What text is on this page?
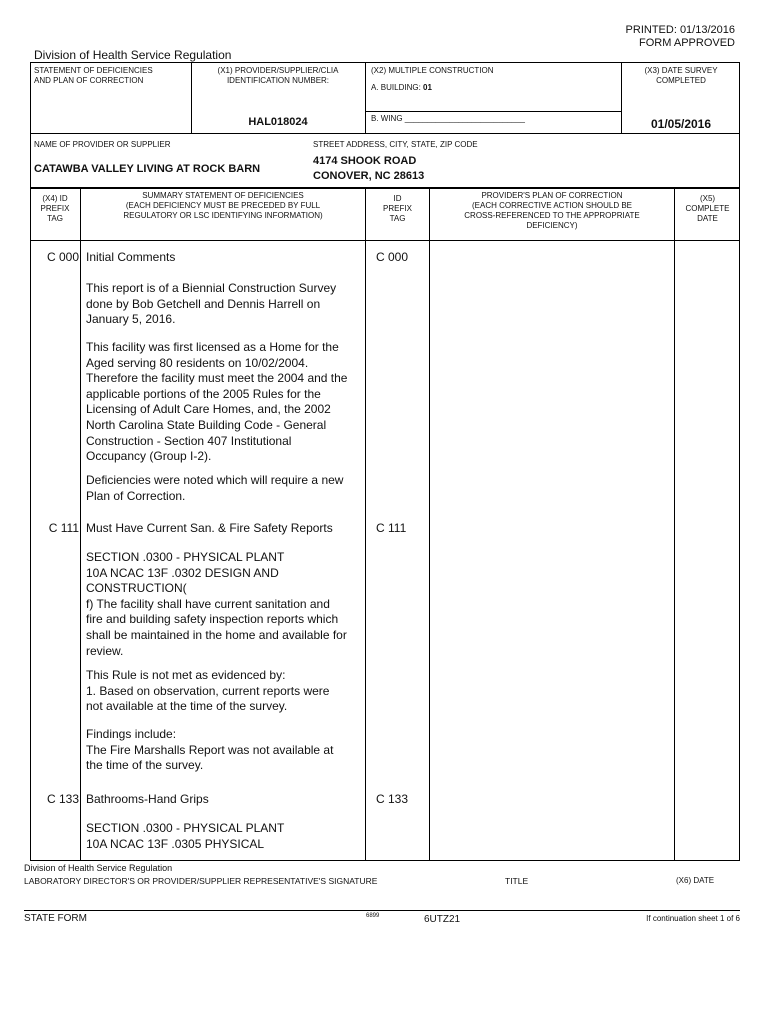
PRINTED: 01/13/2016
FORM APPROVED
Division of Health Service Regulation
STATEMENT OF DEFICIENCIES
AND PLAN OF CORRECTION
(X1) PROVIDER/SUPPLIER/CLIA
IDENTIFICATION NUMBER:
HAL018024
(X2) MULTIPLE CONSTRUCTION
A. BUILDING: 01
B. WING ___________________________
(X3) DATE SURVEY
COMPLETED
01/05/2016
NAME OF PROVIDER OR SUPPLIER
CATAWBA VALLEY LIVING AT ROCK BARN
STREET ADDRESS, CITY, STATE, ZIP CODE
4174 SHOOK ROAD
CONOVER, NC 28613
(X4) ID
PREFIX
TAG
SUMMARY STATEMENT OF DEFICIENCIES
(EACH DEFICIENCY MUST BE PRECEDED BY FULL
REGULATORY OR LSC IDENTIFYING INFORMATION)
ID
PREFIX
TAG
PROVIDER'S PLAN OF CORRECTION
(EACH CORRECTIVE ACTION SHOULD BE
CROSS-REFERENCED TO THE APPROPRIATE
DEFICIENCY)
(X5)
COMPLETE
DATE
C 000	C 000
Initial Comments
This report is of a Biennial Construction Survey
done by Bob Getchell and Dennis Harrell on
January 5, 2016.
This facility was first licensed as a Home for the
Aged serving 80 residents on 10/02/2004.
Therefore the facility must meet the 2004 and the
applicable portions of the 2005 Rules for the
Licensing of Adult Care Homes, and, the 2002
North Carolina State Building Code - General
Construction - Section 407 Institutional
Occupancy (Group I-2).
Deficiencies were noted which will require a new
Plan of Correction.
C 111	C 111
Must Have Current San. & Fire Safety Reports
SECTION .0300 - PHYSICAL PLANT
10A NCAC 13F .0302 DESIGN AND
CONSTRUCTION(
f) The facility shall have current sanitation and
fire and building safety inspection reports which
shall be maintained in the home and available for
review.
This Rule is not met as evidenced by:
1. Based on observation, current reports were
not available at the time of the survey.
Findings include:
The Fire Marshalls Report was not available at
the time of the survey.
C 133	C 133
Bathrooms-Hand Grips
SECTION .0300 - PHYSICAL PLANT
10A NCAC 13F .0305 PHYSICAL
Division of Health Service Regulation
LABORATORY DIRECTOR'S OR PROVIDER/SUPPLIER REPRESENTATIVE'S SIGNATURE	TITLE	(X6) DATE
STATE FORM	6899	6UTZ21	If continuation sheet 1 of 6
